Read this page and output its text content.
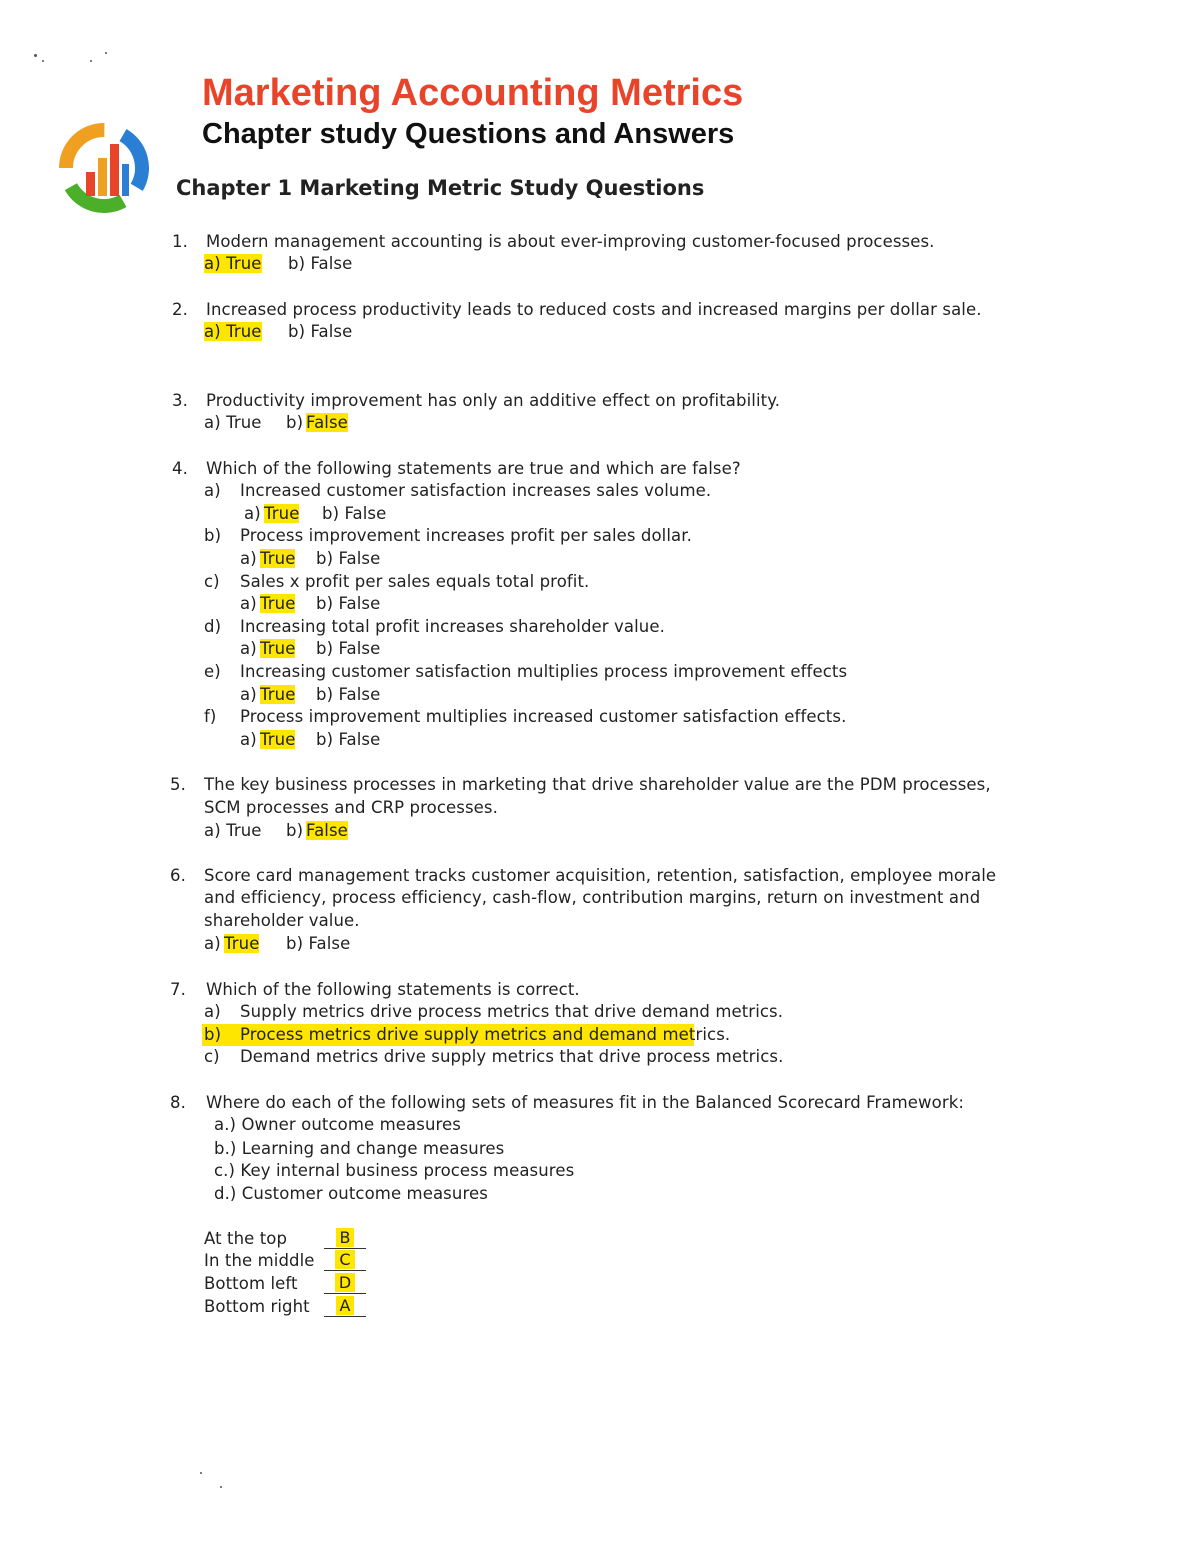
Marketing Accounting Metrics
Chapter study Questions and Answers
Chapter 1 Marketing Metric Study Questions
1. Modern management accounting is about ever-improving customer-focused processes.
a) True b) False
2. Increased process productivity leads to reduced costs and increased margins per dollar sale.
a) True b) False
3. Productivity improvement has only an additive effect on profitability.
a) True b) False
4. Which of the following statements are true and which are false?
a) Increased customer satisfaction increases sales volume.
a) True b) False
b) Process improvement increases profit per sales dollar.
a) True b) False
c) Sales x profit per sales equals total profit.
a) True b) False
d) Increasing total profit increases shareholder value.
a) True b) False
e) Increasing customer satisfaction multiplies process improvement effects
a) True b) False
f) Process improvement multiplies increased customer satisfaction effects.
a) True b) False
5. The key business processes in marketing that drive shareholder value are the PDM processes,
SCM processes and CRP processes.
a) True b) False
6. Score card management tracks customer acquisition, retention, satisfaction, employee morale
and efficiency, process efficiency, cash-flow, contribution margins, return on investment and
shareholder value.
a) True b) False
7. Which of the following statements is correct.
a) Supply metrics drive process metrics that drive demand metrics.
b) Process metrics drive supply metrics and demand metrics.
c) Demand metrics drive supply metrics that drive process metrics.
8. Where do each of the following sets of measures fit in the Balanced Scorecard Framework:
a.) Owner outcome measures
b.) Learning and change measures
c.) Key internal business process measures
d.) Customer outcome measures
At the top	B
In the middle	C
Bottom left	D
Bottom right	A
